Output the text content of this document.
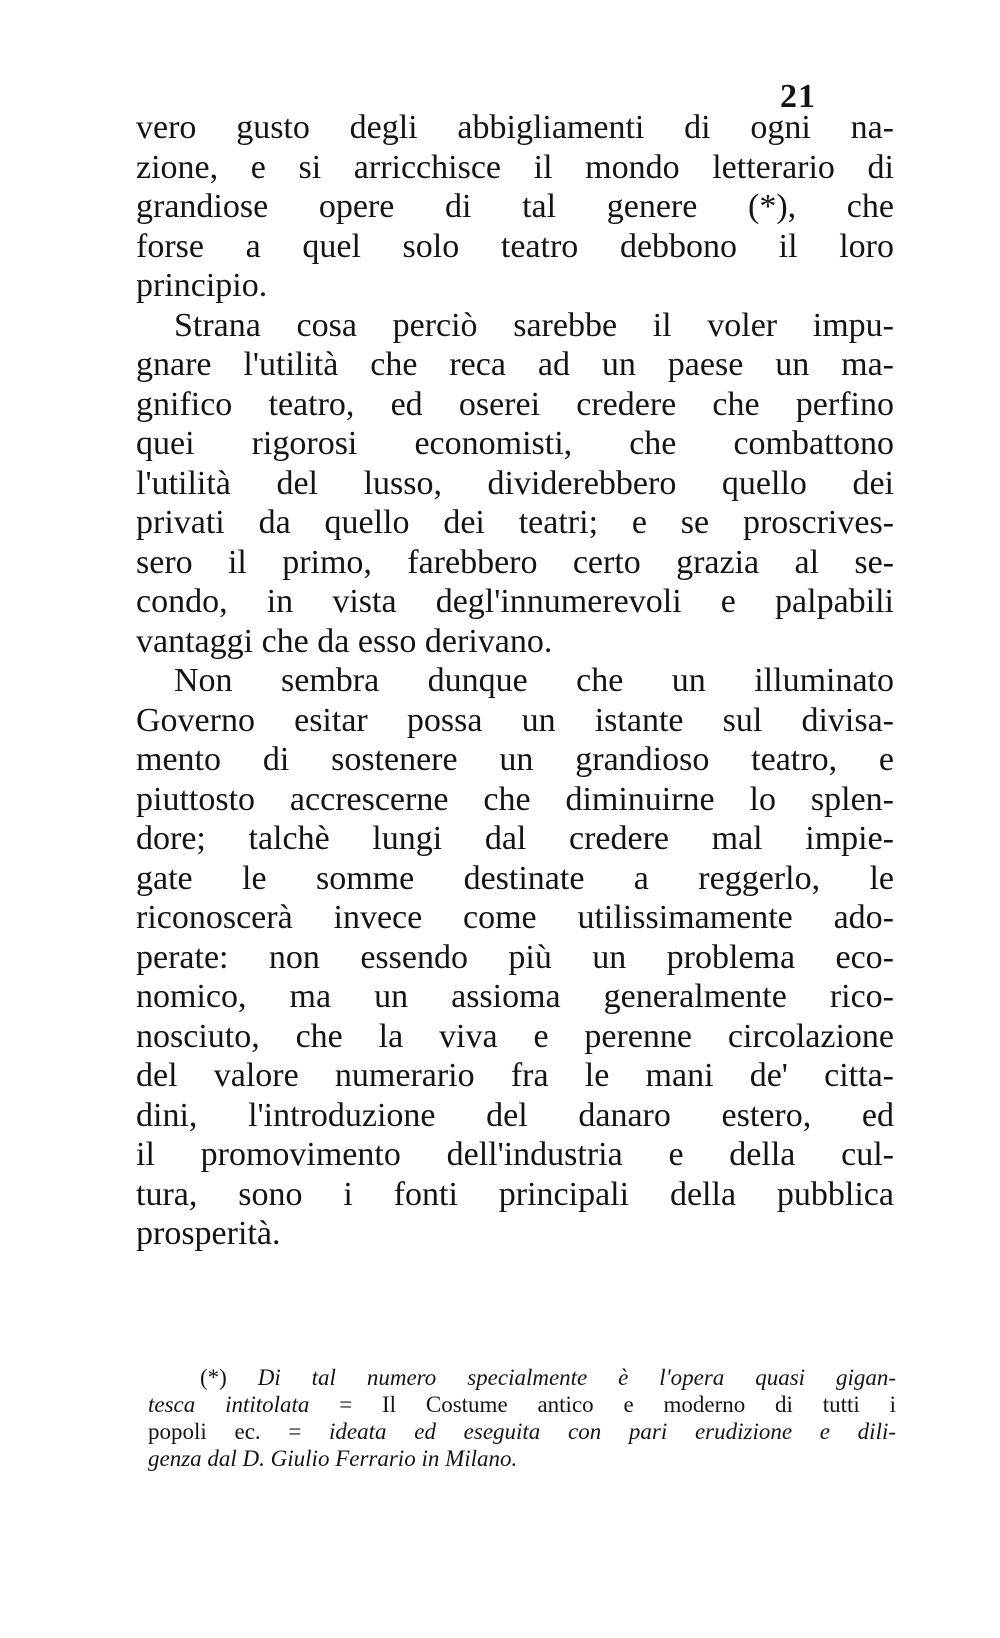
21
vero gusto degli abbigliamenti di ogni na-
zione, e si arricchisce il mondo letterario di
grandiose opere di tal genere (*), che
forse a quel solo teatro debbono il loro
principio.
Strana cosa perciò sarebbe il voler impu-
gnare l'utilità che reca ad un paese un ma-
gnifico teatro, ed oserei credere che perfino
quei rigorosi economisti, che combattono
l'utilità del lusso, dividerebbero quello dei
privati da quello dei teatri; e se proscrives-
sero il primo, farebbero certo grazia al se-
condo, in vista degl'innumerevoli e palpabili
vantaggi che da esso derivano.
Non sembra dunque che un illuminato
Governo esitar possa un istante sul divisa-
mento di sostenere un grandioso teatro, e
piuttosto accrescerne che diminuirne lo splen-
dore; talchè lungi dal credere mal impie-
gate le somme destinate a reggerlo, le
riconoscerà invece come utilissimamente ado-
perate: non essendo più un problema eco-
nomico, ma un assioma generalmente rico-
nosciuto, che la viva e perenne circolazione
del valore numerario fra le mani de' citta-
dini, l'introduzione del danaro estero, ed
il promovimento dell'industria e della cul-
tura, sono i fonti principali della pubblica
prosperità.
(*) Di tal numero specialmente è l'opera quasi gigan-
tesca intitolata = Il Costume antico e moderno di tutti i
popoli ec. = ideata ed eseguita con pari erudizione e dili-
genza dal D. Giulio Ferrario in Milano.
